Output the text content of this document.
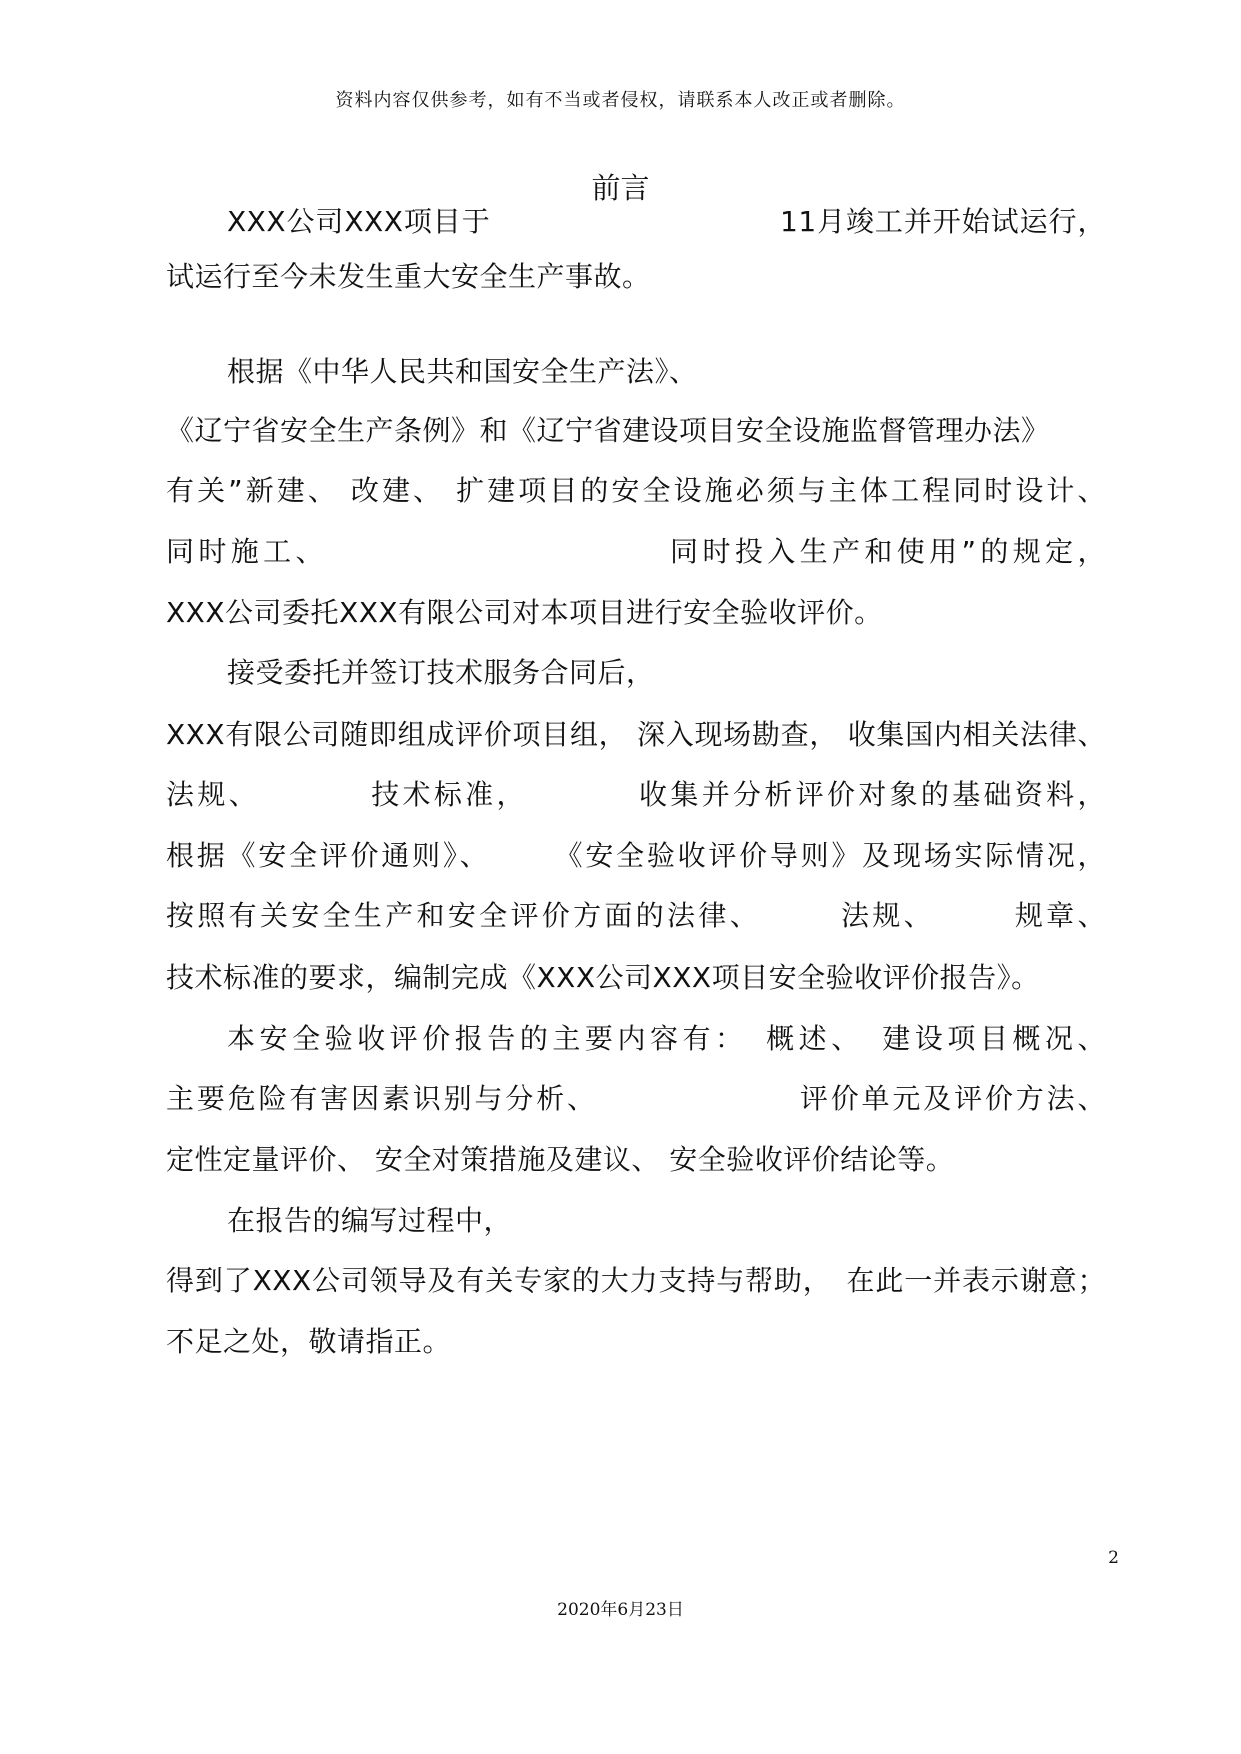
资料内容仅供参考，如有不当或者侵权，请联系本人改正或者删除。
前言
XXX公司XXX项目于　　　　　　　　　　11月竣工并开始试运行，
试运行至今未发生重大安全生产事故。
根据《中华人民共和国安全生产法》、
《辽宁省安全生产条例》和《辽宁省建设项目安全设施监督管理办法》
有关”新建、 改建、 扩建项目的安全设施必须与主体工程同时设计、
同时施工、　　　　　　　　　　　同时投入生产和使用”的规定，
XXX公司委托XXX有限公司对本项目进行安全验收评价。
接受委托并签订技术服务合同后，
XXX有限公司随即组成评价项目组， 深入现场勘查， 收集国内相关法律、
法规、　　　　技术标准，　　　　收集并分析评价对象的基础资料，
根据《安全评价通则》、　　　《安全验收评价导则》及现场实际情况，
按照有关安全生产和安全评价方面的法律、　　　法规、　　　规章、
技术标准的要求，编制完成《XXX公司XXX项目安全验收评价报告》。
本安全验收评价报告的主要内容有：　概述、　建设项目概况、
主要危险有害因素识别与分析、　　　　　　　评价单元及评价方法、
定性定量评价、 安全对策措施及建议、 安全验收评价结论等。
在报告的编写过程中，
得到了XXX公司领导及有关专家的大力支持与帮助，　在此一并表示谢意；
不足之处，敬请指正。
2
2020年6月23日
